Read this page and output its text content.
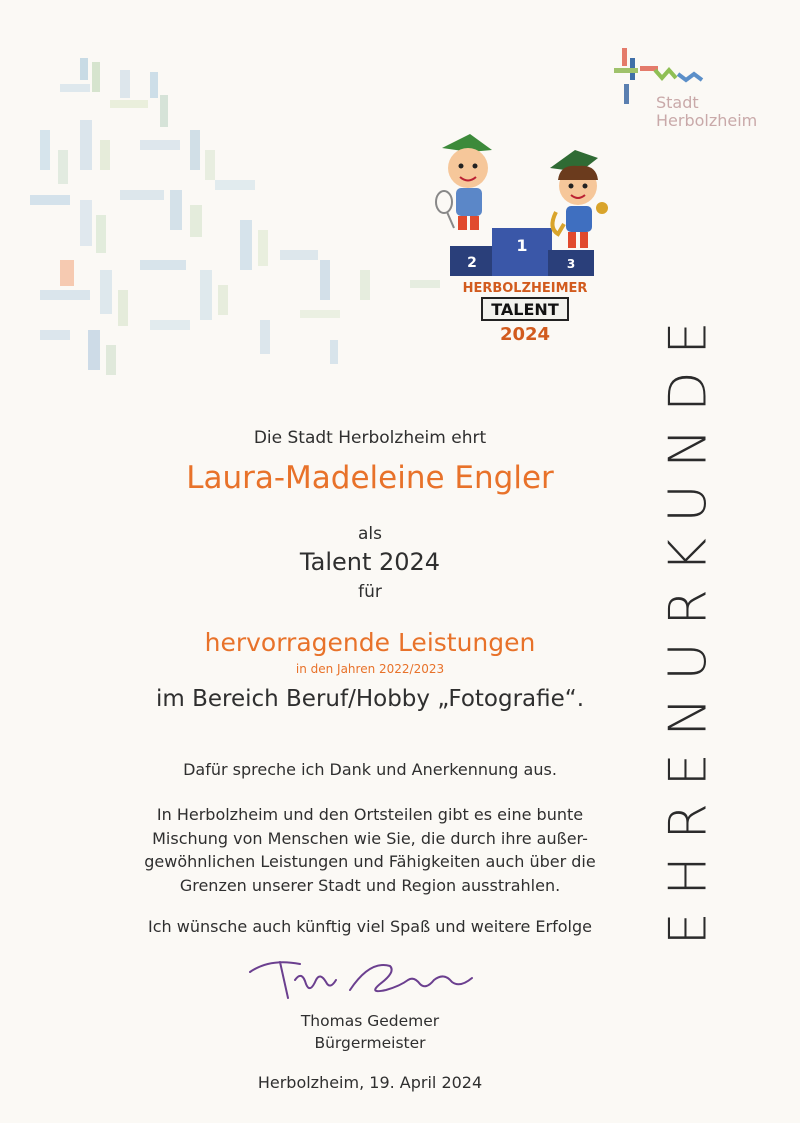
Stadt
Herbolzheim
2
1
3
HERBOLZHEIMER
TALENT
2024 EHRENURKUNDE
Die Stadt Herbolzheim ehrt
Laura-Madeleine Engler
als
Talent 2024
für
hervorragende Leistungen
in den Jahren 2022/2023
im Bereich Beruf/Hobby „Fotografie“.
Dafür spreche ich Dank und Anerkennung aus.
In Herbolzheim und den Ortsteilen gibt es eine bunte
Mischung von Menschen wie Sie, die durch ihre außer-
gewöhnlichen Leistungen und Fähigkeiten auch über die
Grenzen unserer Stadt und Region ausstrahlen.
Ich wünsche auch künftig viel Spaß und weitere Erfolge
Thomas Gedemer
Bürgermeister
Herbolzheim, 19. April 2024
